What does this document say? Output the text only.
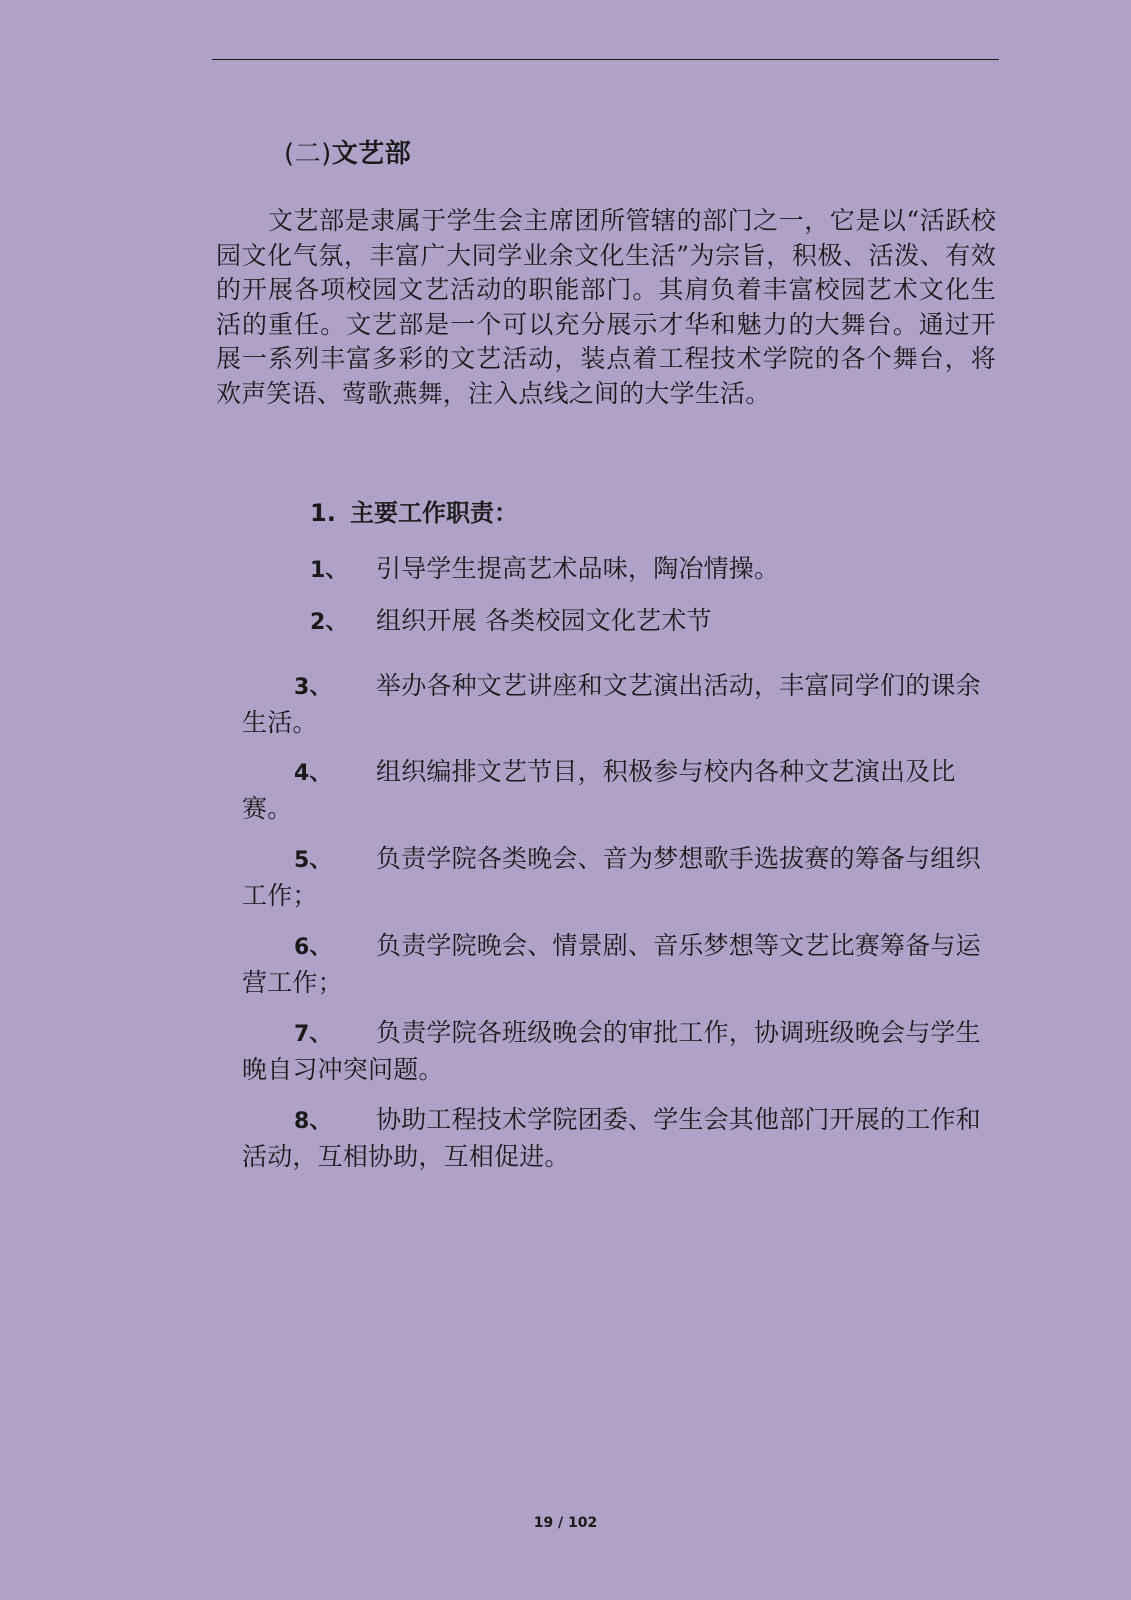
(二)文艺部

文艺部是隶属于学生会主席团所管辖的部门之一，它是以“活跃校园文化气氛，丰富广大同学业余文化生活”为宗旨，积极、活泼、有效的开展各项校园文艺活动的职能部门。其肩负着丰富校园艺术文化生活的重任。文艺部是一个可以充分展示才华和魅力的大舞台。通过开展一系列丰富多彩的文艺活动，装点着工程技术学院的各个舞台，将欢声笑语、莺歌燕舞，注入点线之间的大学生活。

1. 主要工作职责：
1、 引导学生提高艺术品味，陶冶情操。
2、 组织开展 各类校园文化艺术节
3、 举办各种文艺讲座和文艺演出活动，丰富同学们的课余生活。
4、 组织编排文艺节目，积极参与校内各种文艺演出及比赛。
5、 负责学院各类晚会、音为梦想歌手选拔赛的筹备与组织工作；
6、 负责学院晚会、情景剧、音乐梦想等文艺比赛筹备与运营工作；
7、 负责学院各班级晚会的审批工作，协调班级晚会与学生晚自习冲突问题。
8、 协助工程技术学院团委、学生会其他部门开展的工作和活动，互相协助，互相促进。
19 / 102
